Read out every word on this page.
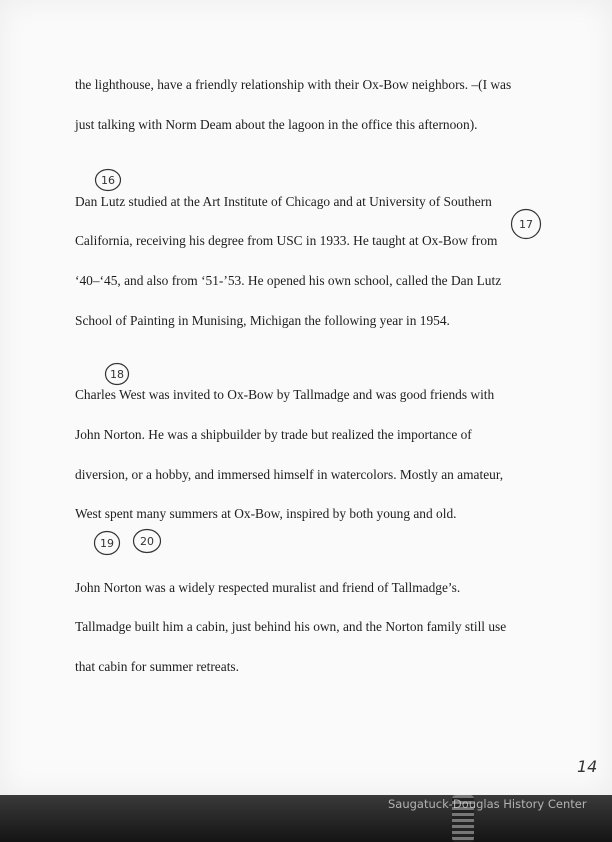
the lighthouse, have a friendly relationship with their Ox-Bow neighbors. –(I was

just talking with Norm Deam about the lagoon in the office this afternoon).

Dan Lutz studied at the Art Institute of Chicago and at University of Southern

California, receiving his degree from USC in 1933. He taught at Ox-Bow from

‘40–‘45, and also from ‘51-’53. He opened his own school, called the Dan Lutz

School of Painting in Munising, Michigan the following year in 1954.

Charles West was invited to Ox-Bow by Tallmadge and was good friends with

John Norton. He was a shipbuilder by trade but realized the importance of

diversion, or a hobby, and immersed himself in watercolors. Mostly an amateur,

West spent many summers at Ox-Bow, inspired by both young and old.

John Norton was a widely respected muralist and friend of Tallmadge’s.

Tallmadge built him a cabin, just behind his own, and the Norton family still use

that cabin for summer retreats.

16
17
18
19	20
14
Saugatuck-Douglas History Center
